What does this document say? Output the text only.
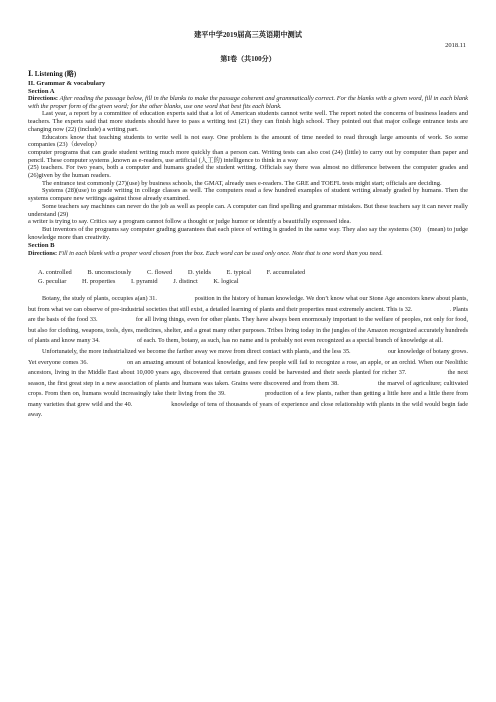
建平中学2019届高三英语期中测试
2018.11
第I卷（共100分）
Ⅰ. Listening (略)
II. Grammar & vocabulary
Section A

Directions: After reading the passage below, fill in the blanks to make the passage coherent and grammatically correct. For the blanks with a given word, fill in each blank with the proper form of the given word; for the other blanks, use one word that best fits each blank.

Last year, a report by a committee of education experts said that a lot of American students cannot write well. The report noted the concerns of business leaders and teachers. The experts said that more students should have to pass a writing test (21) they can finish high school. They pointed out that major college entrance tests are changing now (22) (include) a writing part.

Educators know that teaching students to write well is not easy. One problem is the amount of time needed to read through large amounts of work. So some companies (23)（develop）

computer programs that can grade student writing much more quickly than a person can. Writing tests can also cost (24) (little) to carry out by computer than paper and pencil. These computer systems ,known as e-readers, use artificial (人工的) intelligence to think in a way

(25) teachers. For two years, both a computer and humans graded the student writing. Officials say there was almost no difference between the computer grades and (26)given by the human readers.

The entrance test commonly (27)(use) by business schools, the GMAT, already uses e-readers. The GRE and TOEFL tests might start; officials are deciding.

Systems (28)(use) to grade writing in college classes as well. The computers read a few hundred examples of student writing already graded by humans. Then the systems compare new writings against those already examined.

Some teachers say machines can never do the job as well as people can. A computer can find spelling and grammar mistakes. But these teachers say it can never really understand (29)

a writer is trying to say. Critics say a program cannot follow a thought or judge humor or identify a beautifully expressed idea.

But inventors of the programs say computer grading guarantees that each piece of writing is graded in the same way. They also say the systems (30)　(mean) to judge knowledge more than creativity.

Section B

Directions: Fill in each blank with a proper word chosen from the box. Each word can be used only once. Note that is one word than you need.

A. controlled B. unconsciously C. flowed D. yields E. typical F. accumulated
G. peculiar H. properties I. pyramid J. distinct K. logical

Botany, the study of plants, occupies a(an) 31.　　　　　　position in the history of human knowledge. We don’t know what our Stone Age ancestors knew about plants, but from what we can observe of pre-industrial societies that still exist, a detailed learning of plants and their properties must extremely ancient. This is 32.　　　　　　. Plants are the basis of the food 33.　　　　　　for all living things, even for other plants. They have always been enormously important to the welfare of peoples, not only for food, but also for clothing, weapons, tools, dyes, medicines, shelter, and a great many other purposes. Tribes living today in the jungles of the Amazon recognized accurately hundreds of plants and know many 34.　　　　　　of each. To them, botany, as such, has no name and is probably not even recognized as a special branch of knowledge at all.

Unfortunately, the more industrialized we become the farther away we move from direct contact with plants, and the less 35.　　　　　　our knowledge of botany grows. Yet everyone comes 36.　　　　　　on an amazing amount of botanical knowledge, and few people will fail to recognize a rose, an apple, or an orchid. When our Neolithic ancestors, living in the Middle East about 10,000 years ago, discovered that certain grasses could be harvested and their seeds planted for richer 37.　　　　　　the next season, the first great step in a new association of plants and humans was taken. Grains were discovered and from them 38.　　　　　　the marvel of agriculture; cultivated crops. From then on, humans would increasingly take their living from the 39.　　　　　　production of a few plants, rather than getting a little here and a little there from many varieties that grew wild and the 40.　　　　　　knowledge of tens of thousands of years of experience and close relationship with plants in the wild would begin fade away.
